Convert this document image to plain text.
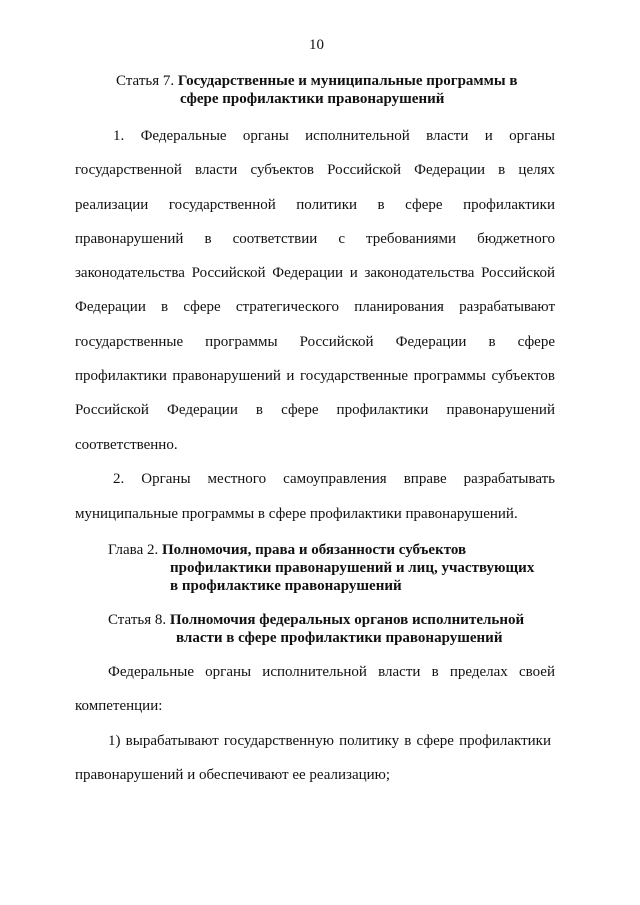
10
Статья 7. Государственные и муниципальные программы в
сфере профилактики правонарушений
1. Федеральные органы исполнительной власти и органы
государственной власти субъектов Российской Федерации в целях
реализации государственной политики в сфере профилактики
правонарушений в соответствии с требованиями бюджетного
законодательства Российской Федерации и законодательства Российской
Федерации в сфере стратегического планирования разрабатывают
государственные программы Российской Федерации в сфере
профилактики правонарушений и государственные программы субъектов
Российской Федерации в сфере профилактики правонарушений
соответственно.
2. Органы местного самоуправления вправе разрабатывать
муниципальные программы в сфере профилактики правонарушений.
Глава 2. Полномочия, права и обязанности субъектов
профилактики правонарушений и лиц, участвующих
в профилактике правонарушений
Статья 8. Полномочия федеральных органов исполнительной
власти в сфере профилактики правонарушений
Федеральные органы исполнительной власти в пределах своей
компетенции:
1) вырабатывают государственную политику в сфере профилактики
правонарушений и обеспечивают ее реализацию;
